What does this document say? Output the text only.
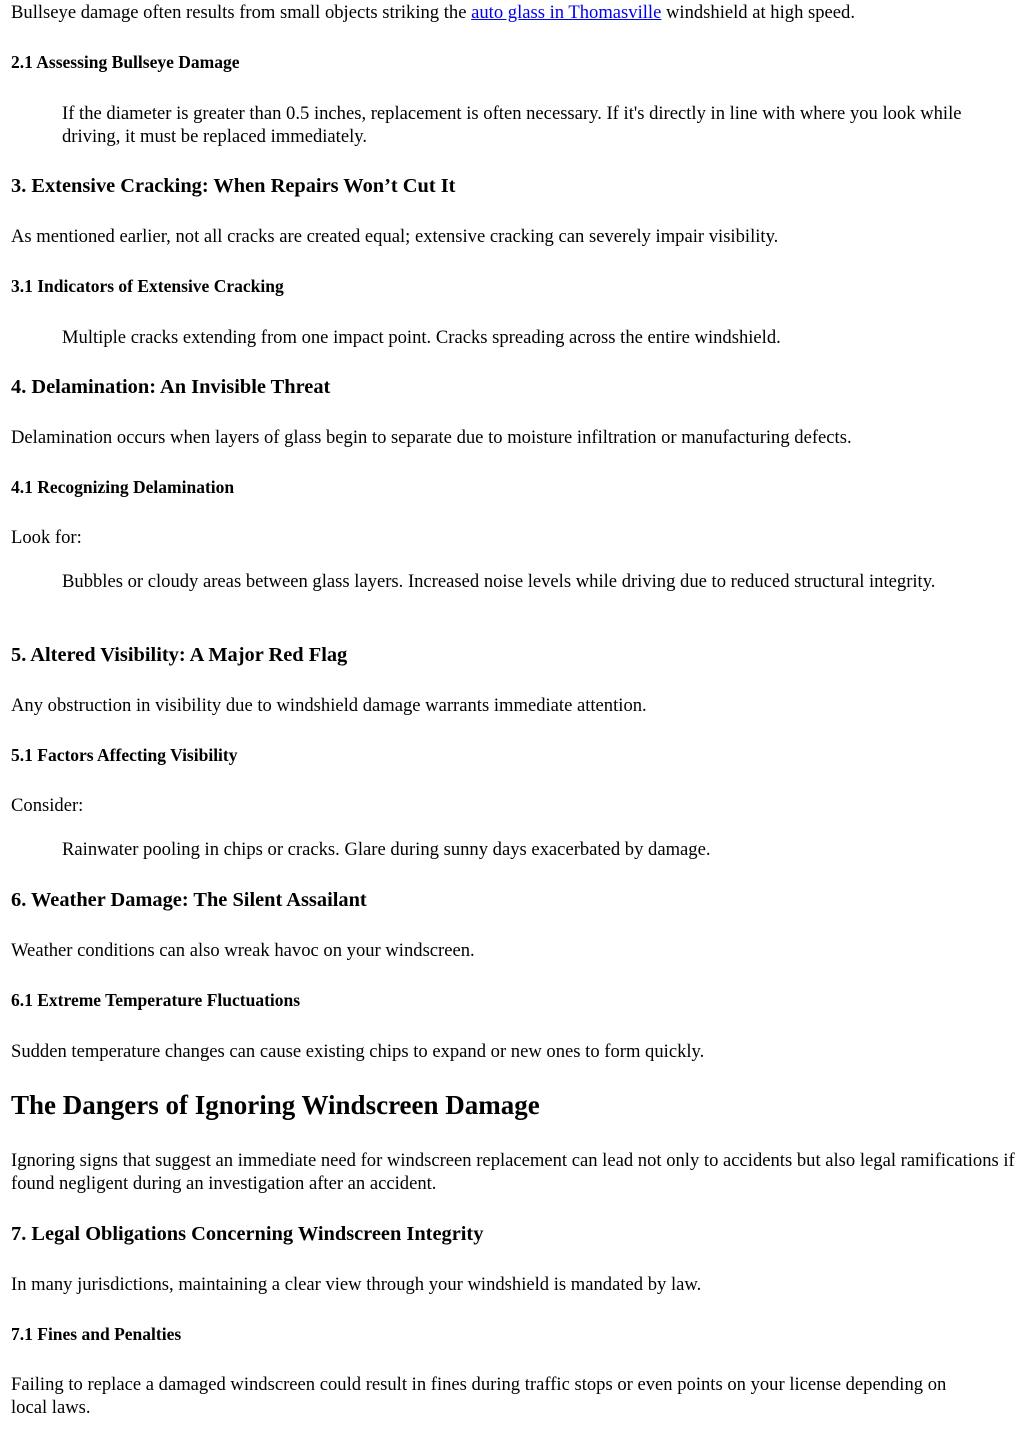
Bullseye damage often results from small objects striking the auto glass in Thomasville windshield at high speed.

2.1 Assessing Bullseye Damage

If the diameter is greater than 0.5 inches, replacement is often necessary. If it's directly in line with where you look while driving, it must be replaced immediately.

3. Extensive Cracking: When Repairs Won’t Cut It

As mentioned earlier, not all cracks are created equal; extensive cracking can severely impair visibility.

3.1 Indicators of Extensive Cracking

Multiple cracks extending from one impact point. Cracks spreading across the entire windshield.

4. Delamination: An Invisible Threat

Delamination occurs when layers of glass begin to separate due to moisture infiltration or manufacturing defects.

4.1 Recognizing Delamination

Look for:

Bubbles or cloudy areas between glass layers. Increased noise levels while driving due to reduced structural integrity.

5. Altered Visibility: A Major Red Flag

Any obstruction in visibility due to windshield damage warrants immediate attention.

5.1 Factors Affecting Visibility

Consider:

Rainwater pooling in chips or cracks. Glare during sunny days exacerbated by damage.

6. Weather Damage: The Silent Assailant

Weather conditions can also wreak havoc on your windscreen.

6.1 Extreme Temperature Fluctuations

Sudden temperature changes can cause existing chips to expand or new ones to form quickly.

The Dangers of Ignoring Windscreen Damage

Ignoring signs that suggest an immediate need for windscreen replacement can lead not only to accidents but also legal ramifications if found negligent during an investigation after an accident.

7. Legal Obligations Concerning Windscreen Integrity

In many jurisdictions, maintaining a clear view through your windshield is mandated by law.

7.1 Fines and Penalties

Failing to replace a damaged windscreen could result in fines during traffic stops or even points on your license depending on local laws.
